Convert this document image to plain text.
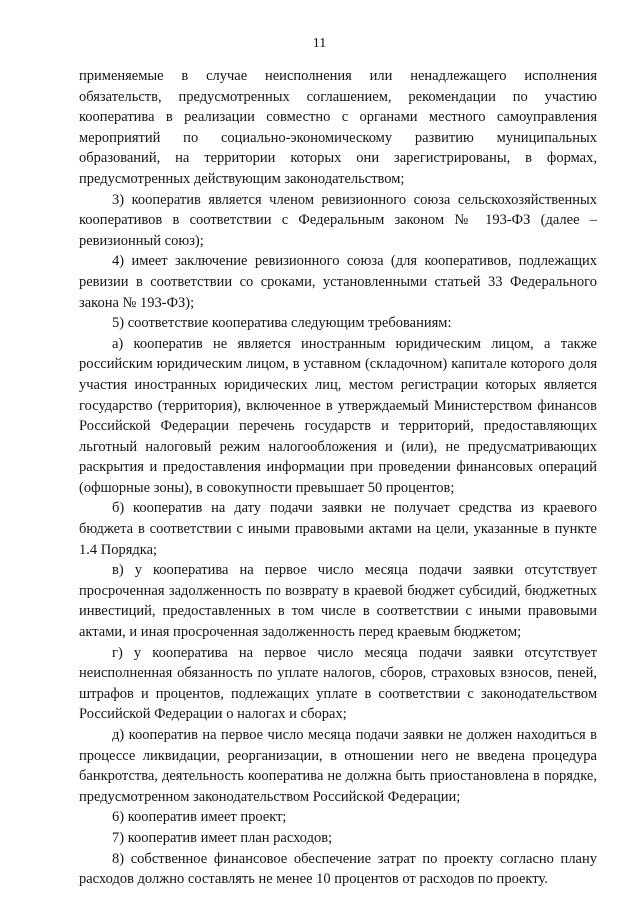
11

применяемые в случае неисполнения или ненадлежащего исполнения обязательств, предусмотренных соглашением, рекомендации по участию кооператива в реализации совместно с органами местного самоуправления мероприятий по социально-экономическому развитию муниципальных образований, на территории которых они зарегистрированы, в формах, предусмотренных действующим законодательством;

3) кооператив является членом ревизионного союза сельскохозяйственных кооперативов в соответствии с Федеральным законом № 193-ФЗ (далее – ревизионный союз);

4) имеет заключение ревизионного союза (для кооперативов, подлежащих ревизии в соответствии со сроками, установленными статьей 33 Федерального закона № 193-ФЗ);

5) соответствие кооператива следующим требованиям:

а) кооператив не является иностранным юридическим лицом, а также российским юридическим лицом, в уставном (складочном) капитале которого доля участия иностранных юридических лиц, местом регистрации которых является государство (территория), включенное в утверждаемый Министерством финансов Российской Федерации перечень государств и территорий, предоставляющих льготный налоговый режим налогообложения и (или), не предусматривающих раскрытия и предоставления информации при проведении финансовых операций (офшорные зоны), в совокупности превышает 50 процентов;

б) кооператив на дату подачи заявки не получает средства из краевого бюджета в соответствии с иными правовыми актами на цели, указанные в пункте 1.4 Порядка;

в) у кооператива на первое число месяца подачи заявки отсутствует просроченная задолженность по возврату в краевой бюджет субсидий, бюджетных инвестиций, предоставленных в том числе в соответствии с иными правовыми актами, и иная просроченная задолженность перед краевым бюджетом;

г) у кооператива на первое число месяца подачи заявки отсутствует неисполненная обязанность по уплате налогов, сборов, страховых взносов, пеней, штрафов и процентов, подлежащих уплате в соответствии с законодательством Российской Федерации о налогах и сборах;

д) кооператив на первое число месяца подачи заявки не должен находиться в процессе ликвидации, реорганизации, в отношении него не введена процедура банкротства, деятельность кооператива не должна быть приостановлена в порядке, предусмотренном законодательством Российской Федерации;

6) кооператив имеет проект;

7) кооператив имеет план расходов;

8) собственное финансовое обеспечение затрат по проекту согласно плану расходов должно составлять не менее 10 процентов от расходов по проекту.
